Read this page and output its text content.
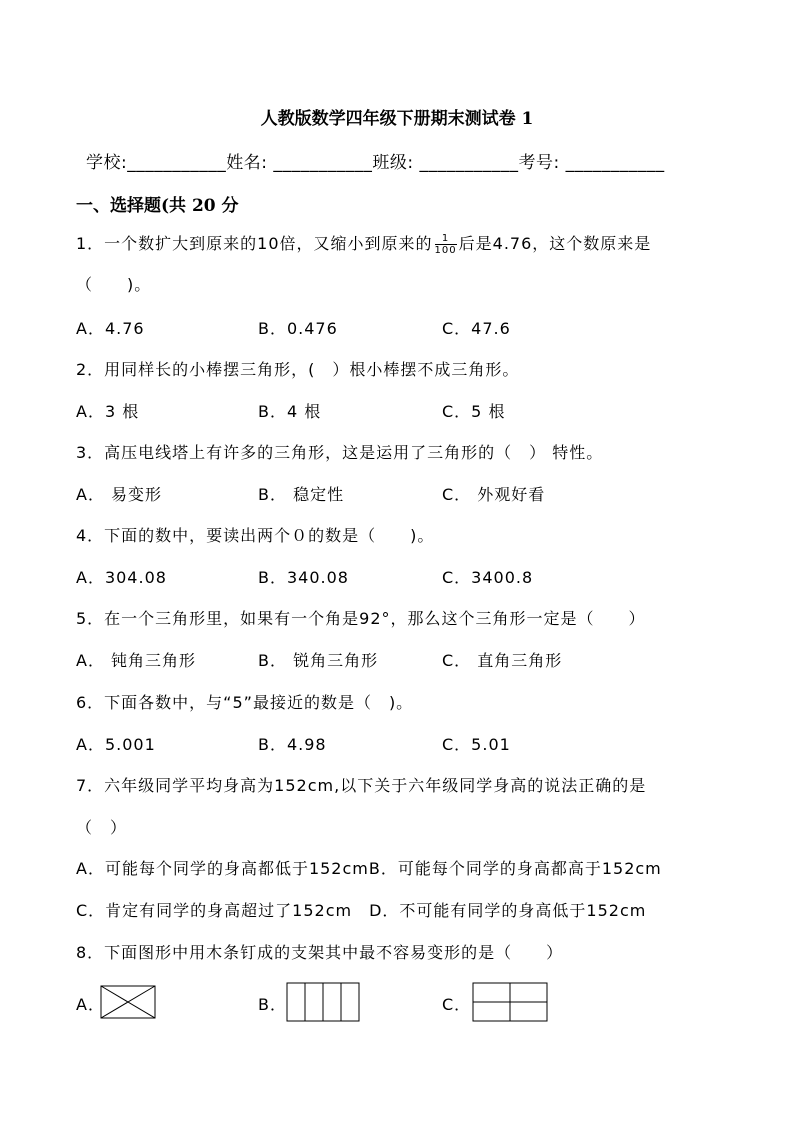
人教版数学四年级下册期末测试卷 1
学校:___________姓名: ___________班级: ___________考号: ___________
一、选择题(共 20 分
1．一个数扩大到原来的10倍，又缩小到原来的 $\frac{1}{100}$ 后是4.76，这个数原来是
（　　)。
A．4.76	B．0.476	C．47.6
2．用同样长的小棒摆三角形，(　）根小棒摆不成三角形。
A．3 根	B．4 根	C．5 根
3．高压电线塔上有许多的三角形，这是运用了三角形的（　） 特性。
A． 易变形	B． 稳定性	C． 外观好看
4．下面的数中，要读出两个０的数是（　　)。
A．304.08	B．340.08	C．3400.8
5．在一个三角形里，如果有一个角是92°，那么这个三角形一定是（　　）
A． 钝角三角形	B． 锐角三角形	C． 直角三角形
6．下面各数中，与“5”最接近的数是（　)。
A．5.001	B．4.98	C．5.01
7．六年级同学平均身高为152cm,以下关于六年级同学身高的说法正确的是
（　）
A．可能每个同学的身高都低于152cmB．可能每个同学的身高都高于152cm
C．肯定有同学的身高超过了152cm　D．不可能有同学的身高低于152cm
8．下面图形中用木条钉成的支架其中最不容易变形的是（　　）
A．	B．	C．
